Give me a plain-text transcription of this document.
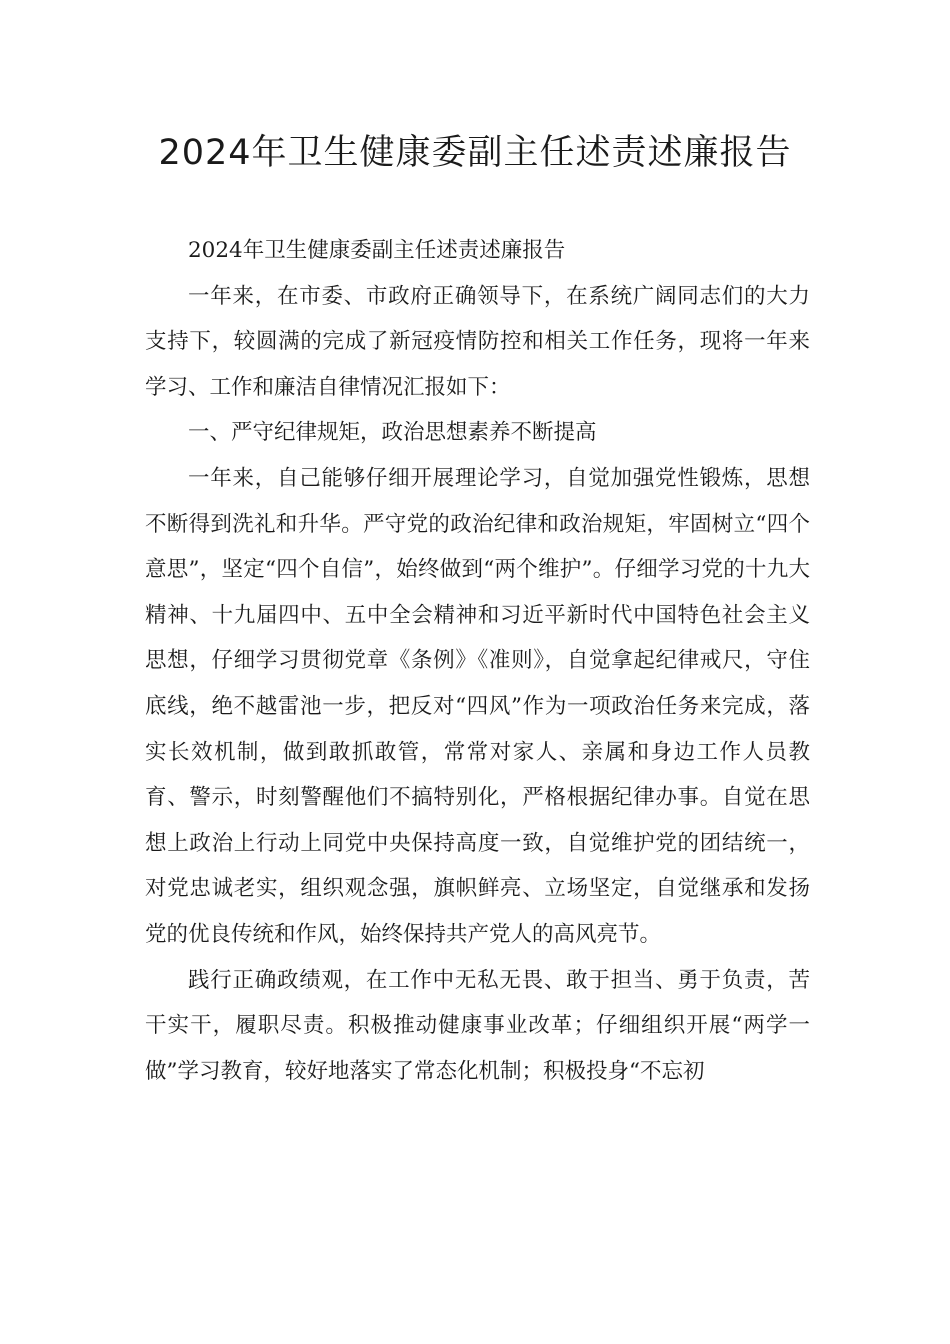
2024年卫生健康委副主任述责述廉报告

2024年卫生健康委副主任述责述廉报告

一年来，在市委、市政府正确领导下，在系统广阔同志们的大力支持下，较圆满的完成了新冠疫情防控和相关工作任务，现将一年来学习、工作和廉洁自律情况汇报如下：

一、严守纪律规矩，政治思想素养不断提高

一年来，自己能够仔细开展理论学习，自觉加强党性锻炼，思想不断得到洗礼和升华。严守党的政治纪律和政治规矩，牢固树立“四个意思”，坚定“四个自信”，始终做到“两个维护”。仔细学习党的十九大精神、十九届四中、五中全会精神和习近平新时代中国特色社会主义思想，仔细学习贯彻党章《条例》《准则》，自觉拿起纪律戒尺，守住底线，绝不越雷池一步，把反对“四风”作为一项政治任务来完成，落实长效机制，做到敢抓敢管，常常对家人、亲属和身边工作人员教育、警示，时刻警醒他们不搞特别化，严格根据纪律办事。自觉在思想上政治上行动上同党中央保持高度一致，自觉维护党的团结统一，对党忠诚老实，组织观念强，旗帜鲜亮、立场坚定，自觉继承和发扬党的优良传统和作风，始终保持共产党人的高风亮节。

践行正确政绩观，在工作中无私无畏、敢于担当、勇于负责，苦干实干，履职尽责。积极推动健康事业改革；仔细组织开展“两学一做”学习教育，较好地落实了常态化机制；积极投身“不忘初
